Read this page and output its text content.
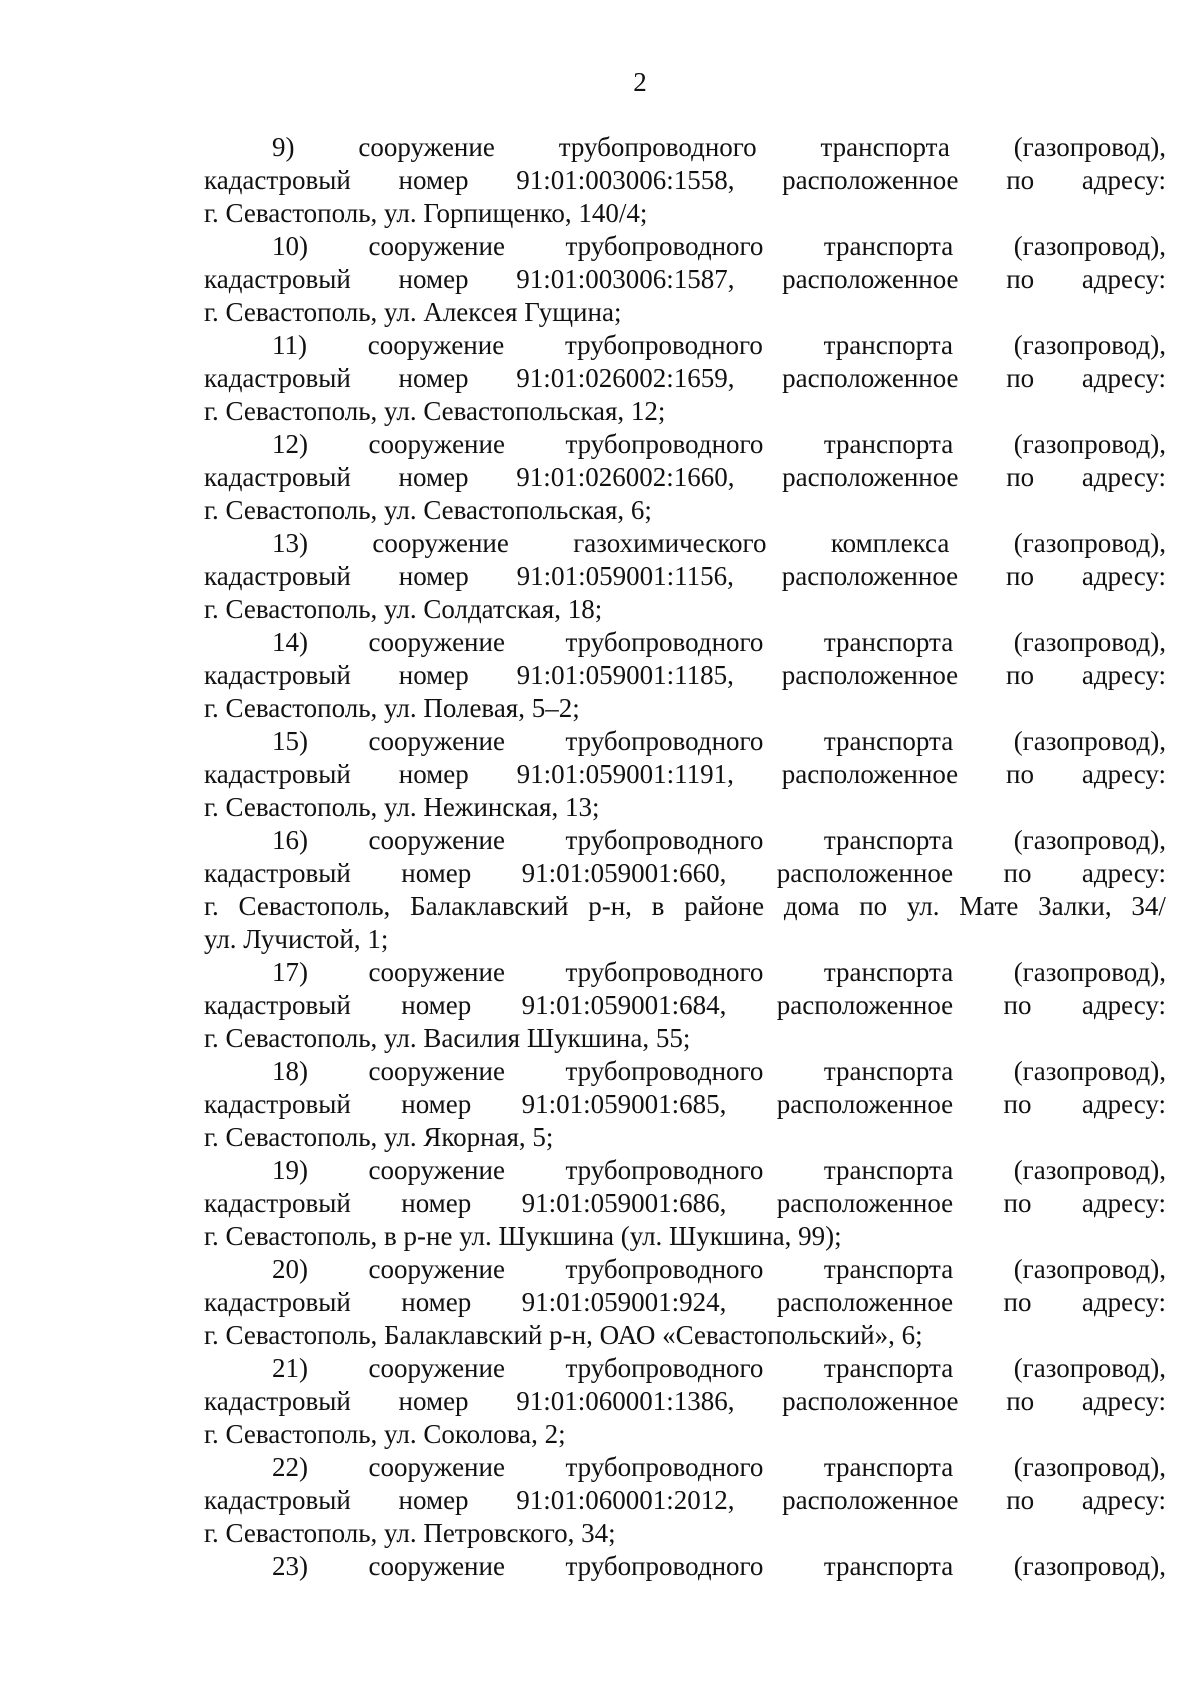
2
9) сооружение трубопроводного транспорта (газопровод),
кадастровый номер 91:01:003006:1558, расположенное по адресу:
г. Севастополь, ул. Горпищенко, 140/4;
10) сооружение трубопроводного транспорта (газопровод),
кадастровый номер 91:01:003006:1587, расположенное по адресу:
г. Севастополь, ул. Алексея Гущина;
11) сооружение трубопроводного транспорта (газопровод),
кадастровый номер 91:01:026002:1659, расположенное по адресу:
г. Севастополь, ул. Севастопольская, 12;
12) сооружение трубопроводного транспорта (газопровод),
кадастровый номер 91:01:026002:1660, расположенное по адресу:
г. Севастополь, ул. Севастопольская, 6;
13) сооружение газохимического комплекса (газопровод),
кадастровый номер 91:01:059001:1156, расположенное по адресу:
г. Севастополь, ул. Солдатская, 18;
14) сооружение трубопроводного транспорта (газопровод),
кадастровый номер 91:01:059001:1185, расположенное по адресу:
г. Севастополь, ул. Полевая, 5–2;
15) сооружение трубопроводного транспорта (газопровод),
кадастровый номер 91:01:059001:1191, расположенное по адресу:
г. Севастополь, ул. Нежинская, 13;
16) сооружение трубопроводного транспорта (газопровод),
кадастровый номер 91:01:059001:660, расположенное по адресу:
г. Севастополь, Балаклавский р-н, в районе дома по ул. Мате Залки, 34/
ул. Лучистой, 1;
17) сооружение трубопроводного транспорта (газопровод),
кадастровый номер 91:01:059001:684, расположенное по адресу:
г. Севастополь, ул. Василия Шукшина, 55;
18) сооружение трубопроводного транспорта (газопровод),
кадастровый номер 91:01:059001:685, расположенное по адресу:
г. Севастополь, ул. Якорная, 5;
19) сооружение трубопроводного транспорта (газопровод),
кадастровый номер 91:01:059001:686, расположенное по адресу:
г. Севастополь, в р-не ул. Шукшина (ул. Шукшина, 99);
20) сооружение трубопроводного транспорта (газопровод),
кадастровый номер 91:01:059001:924, расположенное по адресу:
г. Севастополь, Балаклавский р-н, ОАО «Севастопольский», 6;
21) сооружение трубопроводного транспорта (газопровод),
кадастровый номер 91:01:060001:1386, расположенное по адресу:
г. Севастополь, ул. Соколова, 2;
22) сооружение трубопроводного транспорта (газопровод),
кадастровый номер 91:01:060001:2012, расположенное по адресу:
г. Севастополь, ул. Петровского, 34;
23) сооружение трубопроводного транспорта (газопровод),
